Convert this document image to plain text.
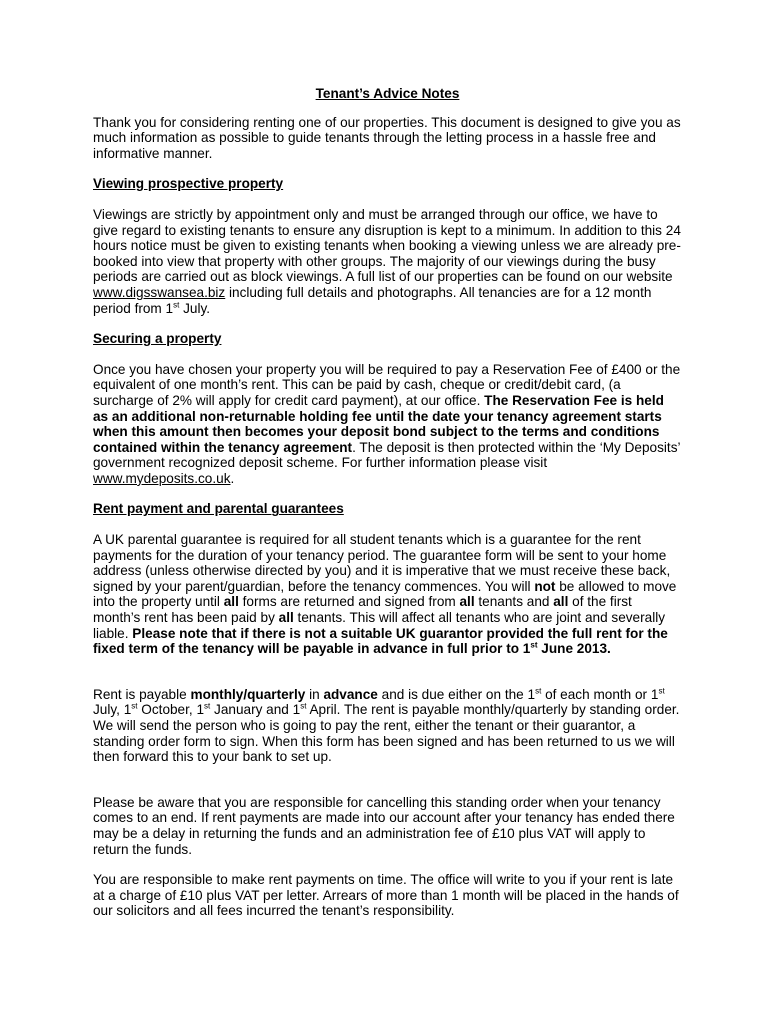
Tenant’s Advice Notes

Thank you for considering renting one of our properties. This document is designed to give you as much information as possible to guide tenants through the letting process in a hassle free and informative manner.

Viewing prospective property

Viewings are strictly by appointment only and must be arranged through our office, we have to give regard to existing tenants to ensure any disruption is kept to a minimum. In addition to this 24 hours notice must be given to existing tenants when booking a viewing unless we are already pre-booked into view that property with other groups. The majority of our viewings during the busy periods are carried out as block viewings. A full list of our properties can be found on our website www.digsswansea.biz including full details and photographs. All tenancies are for a 12 month period from 1st July.

Securing a property

Once you have chosen your property you will be required to pay a Reservation Fee of £400 or the equivalent of one month’s rent. This can be paid by cash, cheque or credit/debit card, (a surcharge of 2% will apply for credit card payment), at our office. The Reservation Fee is held as an additional non-returnable holding fee until the date your tenancy agreement starts when this amount then becomes your deposit bond subject to the terms and conditions contained within the tenancy agreement. The deposit is then protected within the ‘My Deposits’ government recognized deposit scheme. For further information please visit www.mydeposits.co.uk.

Rent payment and parental guarantees

A UK parental guarantee is required for all student tenants which is a guarantee for the rent payments for the duration of your tenancy period. The guarantee form will be sent to your home address (unless otherwise directed by you) and it is imperative that we must receive these back, signed by your parent/guardian, before the tenancy commences. You will not be allowed to move into the property until all forms are returned and signed from all tenants and all of the first month’s rent has been paid by all tenants. This will affect all tenants who are joint and severally liable. Please note that if there is not a suitable UK guarantor provided the full rent for the fixed term of the tenancy will be payable in advance in full prior to 1st June 2013.

Rent is payable monthly/quarterly in advance and is due either on the 1st of each month or 1st July, 1st October, 1st January and 1st April. The rent is payable monthly/quarterly by standing order. We will send the person who is going to pay the rent, either the tenant or their guarantor, a standing order form to sign. When this form has been signed and has been returned to us we will then forward this to your bank to set up.

Please be aware that you are responsible for cancelling this standing order when your tenancy comes to an end. If rent payments are made into our account after your tenancy has ended there may be a delay in returning the funds and an administration fee of £10 plus VAT will apply to return the funds.

You are responsible to make rent payments on time. The office will write to you if your rent is late at a charge of £10 plus VAT per letter. Arrears of more than 1 month will be placed in the hands of our solicitors and all fees incurred the tenant’s responsibility.
